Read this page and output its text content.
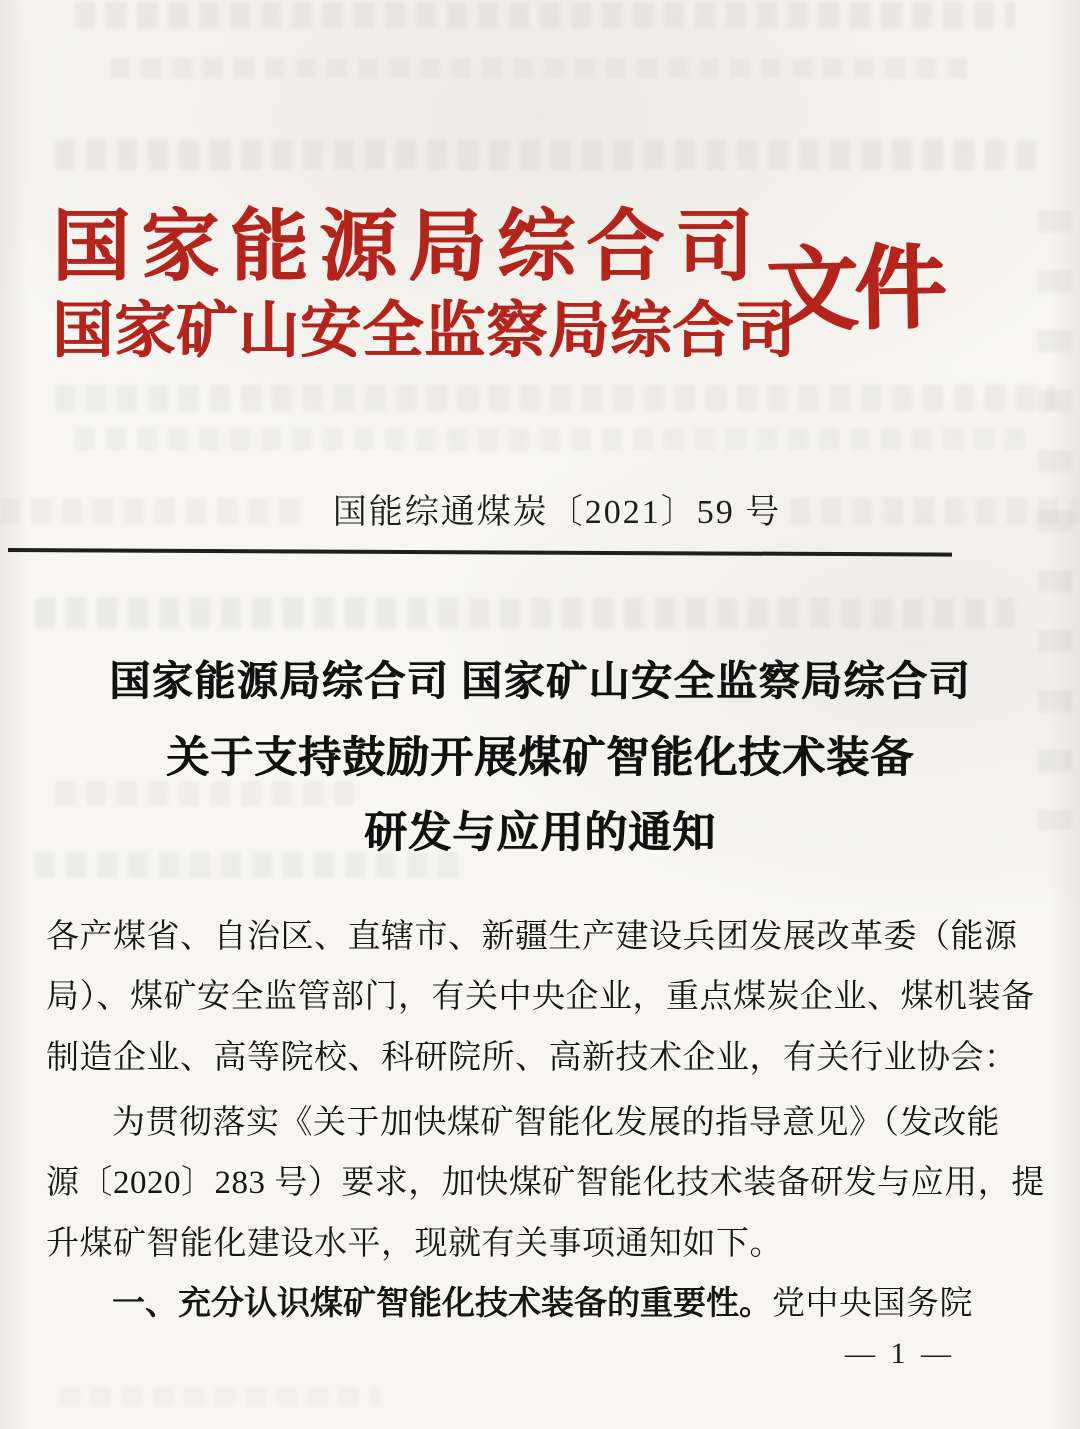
国家能源局综合司
国家矿山安全监察局综合司
文件
国能综通煤炭〔2021〕59 号
国家能源局综合司 国家矿山安全监察局综合司
关于支持鼓励开展煤矿智能化技术装备
研发与应用的通知
各产煤省、自治区、直辖市、新疆生产建设兵团发展改革委（能源
局）、煤矿安全监管部门，有关中央企业，重点煤炭企业、煤机装备
制造企业、高等院校、科研院所、高新技术企业，有关行业协会：
为贯彻落实《关于加快煤矿智能化发展的指导意见》（发改能
源〔2020〕283 号）要求，加快煤矿智能化技术装备研发与应用，提
升煤矿智能化建设水平，现就有关事项通知如下。
一、充分认识煤矿智能化技术装备的重要性。党中央国务院
— 1 —
